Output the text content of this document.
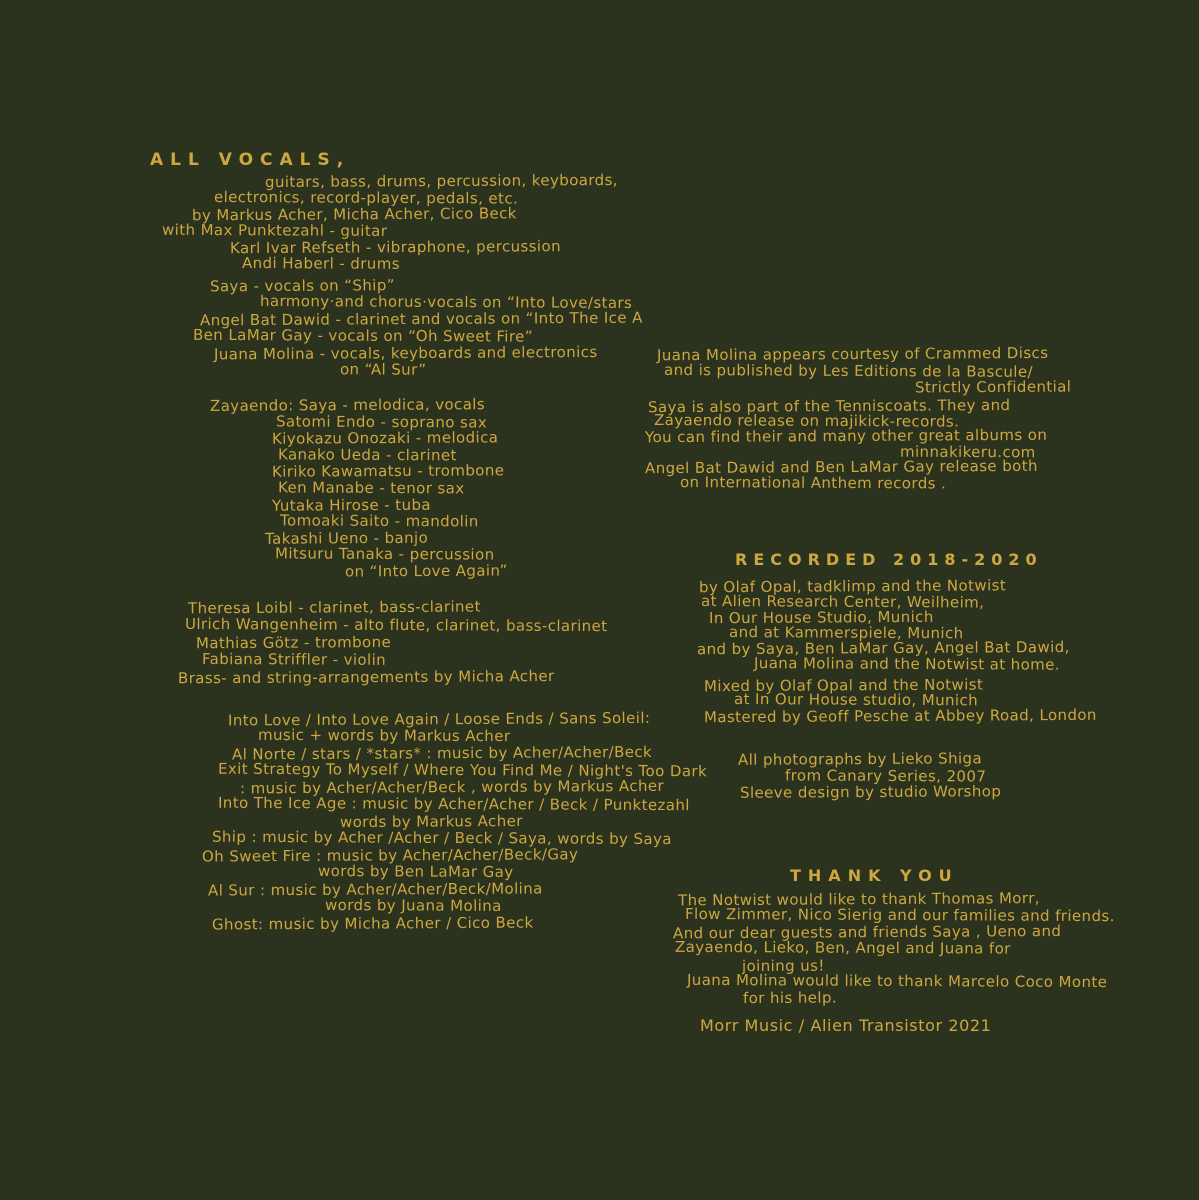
ALL VOCALS,
guitars, bass, drums, percussion, keyboards,
electronics, record-player, pedals, etc.
by Markus Acher, Micha Acher, Cico Beck
with Max Punktezahl - guitar
Karl Ivar Refseth - vibraphone, percussion
Andi Haberl - drums
Saya - vocals on “Ship”
harmony·and chorus·vocals on “Into Love/stars
Angel Bat Dawid - clarinet and vocals on “Into The Ice A
Ben LaMar Gay - vocals on “Oh Sweet Fire”
Juana Molina - vocals, keyboards and electronics
on “Al Sur”
Zayaendo: Saya - melodica, vocals
Satomi Endo - soprano sax
Kiyokazu Onozaki - melodica
Kanako Ueda - clarinet
Kiriko Kawamatsu - trombone
Ken Manabe - tenor sax
Yutaka Hirose - tuba
Tomoaki Saito - mandolin
Takashi Ueno - banjo
Mitsuru Tanaka - percussion
on “Into Love Again”
Theresa Loibl - clarinet, bass-clarinet
Ulrich Wangenheim - alto flute, clarinet, bass-clarinet
Mathias Götz - trombone
Fabiana Striffler - violin
Brass- and string-arrangements by Micha Acher
Into Love / Into Love Again / Loose Ends / Sans Soleil:
music + words by Markus Acher
Al Norte / stars / *stars* : music by Acher/Acher/Beck
Exit Strategy To Myself / Where You Find Me / Night's Too Dark
: music by Acher/Acher/Beck , words by Markus Acher
Into The Ice Age : music by Acher/Acher / Beck / Punktezahl
words by Markus Acher
Ship : music by Acher /Acher / Beck / Saya, words by Saya
Oh Sweet Fire : music by Acher/Acher/Beck/Gay
words by Ben LaMar Gay
Al Sur : music by Acher/Acher/Beck/Molina
words by Juana Molina
Ghost: music by Micha Acher / Cico Beck
Juana Molina appears courtesy of Crammed Discs
and is published by Les Editions de la Bascule/
Strictly Confidential
Saya is also part of the Tenniscoats. They and
Zayaendo release on majikick-records.
You can find their and many other great albums on
minnakikeru.com
Angel Bat Dawid and Ben LaMar Gay release both
on International Anthem records .
RECORDED 2018-2020
by Olaf Opal, tadklimp and the Notwist
at Alien Research Center, Weilheim,
In Our House Studio, Munich
and at Kammerspiele, Munich
and by Saya, Ben LaMar Gay, Angel Bat Dawid,
Juana Molina and the Notwist at home.
Mixed by Olaf Opal and the Notwist
at In Our House studio, Munich
Mastered by Geoff Pesche at Abbey Road, London
All photographs by Lieko Shiga
from Canary Series, 2007
Sleeve design by studio Worshop
THANK YOU
The Notwist would like to thank Thomas Morr,
Flow Zimmer, Nico Sierig and our families and friends.
And our dear guests and friends Saya , Ueno and
Zayaendo, Lieko, Ben, Angel and Juana for
joining us!
Juana Molina would like to thank Marcelo Coco Monte
for his help.
Morr Music / Alien Transistor 2021
